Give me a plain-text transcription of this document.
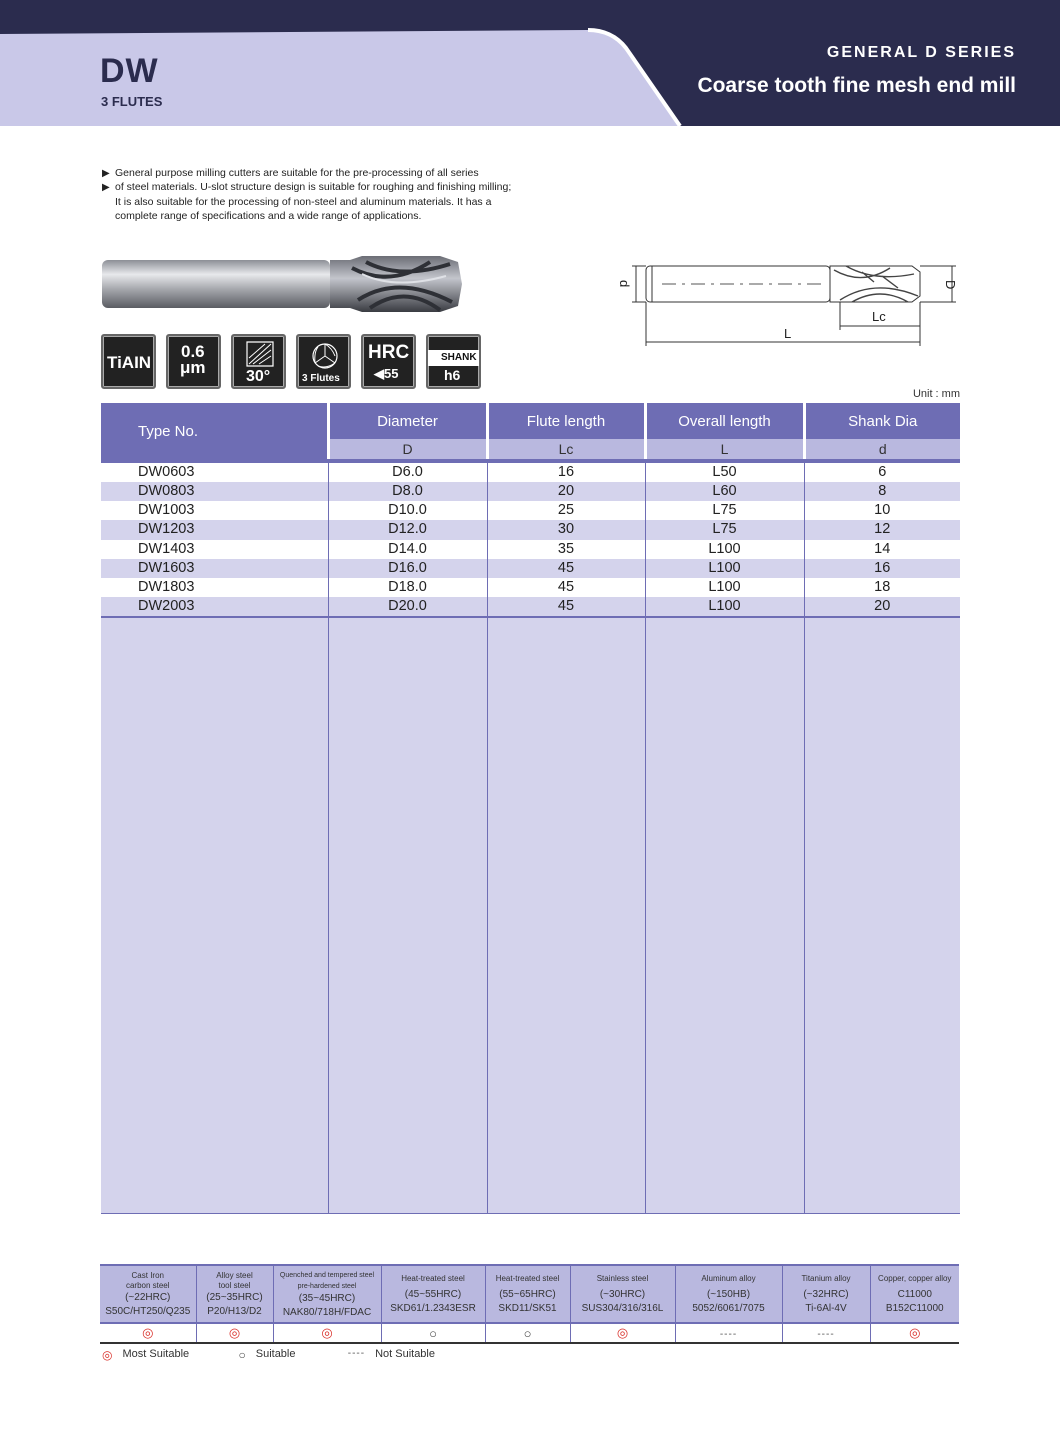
DW
3 FLUTES
GENERAL D SERIES
Coarse tooth fine mesh end mill
▶ General purpose milling cutters are suitable for the pre-processing of all series
▶ of steel materials. U-slot structure design is suitable for roughing and finishing milling;
It is also suitable for the processing of non-steel and aluminum materials. It has a
complete range of specifications and a wide range of applications.
d	D
Lc
L
TiAIN
0.6
μm	30°	3 Flutes
HRC
◀55
SHANK
h6
Unit : mm
Type No.	Diameter	Flute length	Overall length	Shank Dia
	D	Lc	L	d
DW0603	D6.0	16	L50	6
DW0803	D8.0	20	L60	8
DW1003	D10.0	25	L75	10
DW1203	D12.0	30	L75	12
DW1403	D14.0	35	L100	14
DW1603	D16.0	45	L100	16
DW1803	D18.0	45	L100	18
DW2003	D20.0	45	L100	20

Cast Iron
carbon steel
(~22HRC)
S50C/HT250/Q235	Alloy steel
tool steel
(25~35HRC)
P20/H13/D2	Quenched and tempered steel
pre-hardened steel
(35~45HRC)
NAK80/718H/FDAC	Heat-treated steel
(45~55HRC)
SKD61/1.2343ESR	Heat-treated steel
(55~65HRC)
SKD11/SK51	Stainless steel
(~30HRC)
SUS304/316/316L	Aluminum alloy
(~150HB)
5052/6061/7075	Titanium alloy
(~32HRC)
Ti-6Al-4V	Copper, copper alloy
C11000
B152C11000

◎	◎	◎	○	○	◎	----	----	◎
◎ Most Suitable	○ Suitable	---- Not Suitable
